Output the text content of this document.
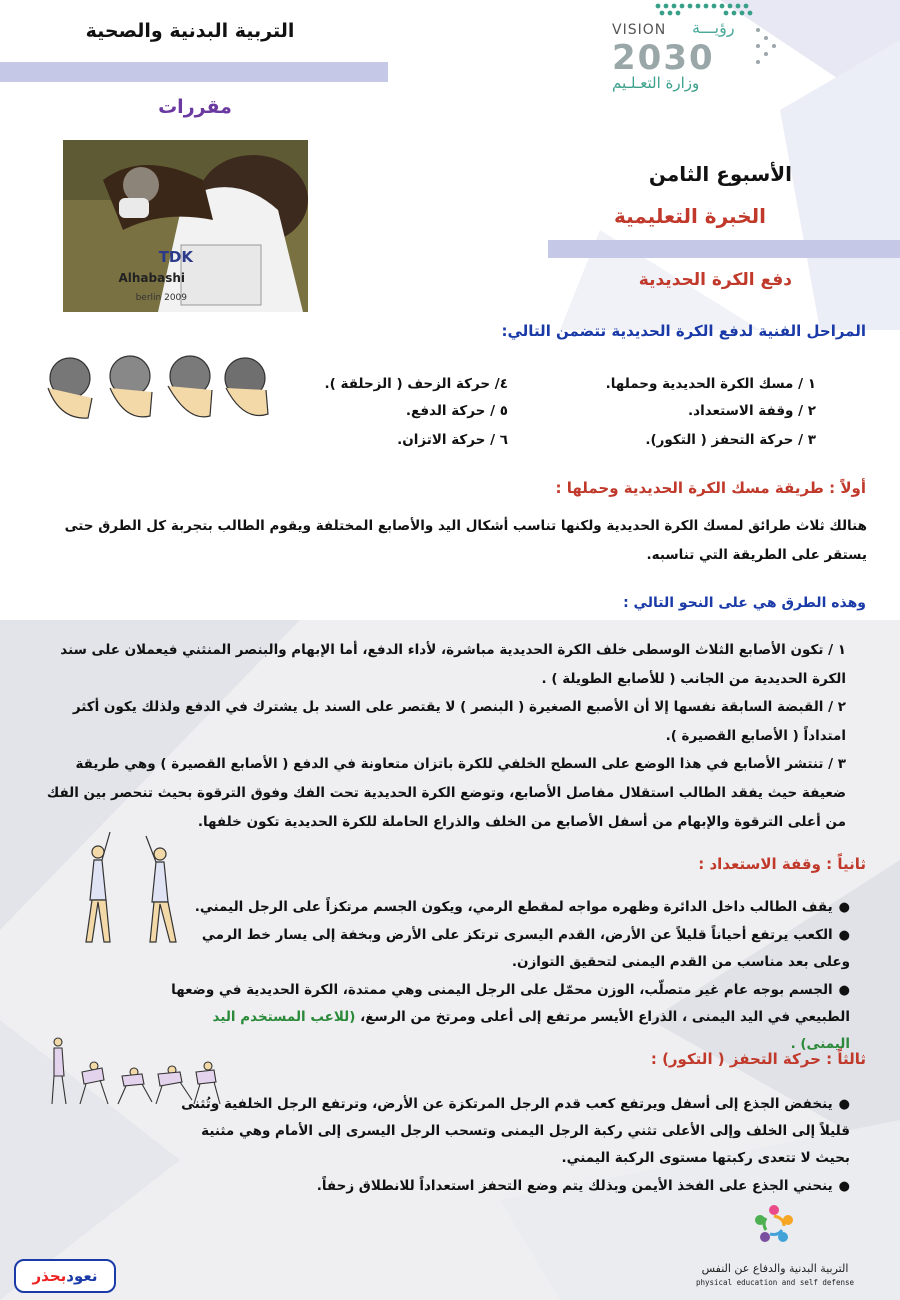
التربية البدنية والصحية
مقررات
VISION رؤيـــة
2030
وزارة التعـلـيم
TDK
Alhabashi
berlin 2009
الأسبوع الثامن
الخبرة التعليمية
دفع الكرة الحديدية
المراحل الفنية لدفع الكرة الحديدية تتضمن التالي:
١ / مسك الكرة الحديدية وحملها.
٢ / وقفة الاستعداد.
٣ / حركة التحفز ( التكور).
٤/ حركة الزحف ( الزحلقة ).
٥ / حركة الدفع.
٦ / حركة الاتزان.
أولاً : طريقة مسك الكرة الحديدية وحملها :
هنالك ثلاث طرائق لمسك الكرة الحديدية ولكنها تناسب أشكال اليد والأصابع المختلفة ويقوم الطالب بتجربة كل الطرق حتى يستقر على الطريقة التي تناسبه.
وهذه الطرق هي على النحو التالي :
١ / تكون الأصابع الثلاث الوسطى خلف الكرة الحديدية مباشرة، لأداء الدفع، أما الإبهام والبنصر المنثني فيعملان على سند الكرة الحديدية من الجانب ( للأصابع الطويلة ) .
٢ / القبضة السابقة نفسها إلا أن الأصبع الصغيرة ( البنصر ) لا يقتصر على السند بل يشترك في الدفع ولذلك يكون أكثر امتداداً ( الأصابع القصيرة ).
٣ / تنتشر الأصابع في هذا الوضع على السطح الخلفي للكرة باتزان متعاونة في الدفع ( الأصابع القصيرة ) وهي طريقة ضعيفة حيث يفقد الطالب استقلال مفاصل الأصابع، وتوضع الكرة الحديدية تحت الفك وفوق الترقوة بحيث تنحصر بين الفك من أعلى الترقوة والإبهام من أسفل الأصابع من الخلف والذراع الحاملة للكرة الحديدية تكون خلفها.
ثانياً : وقفة الاستعداد :
●يقف الطالب داخل الدائرة وظهره مواجه لمقطع الرمي، ويكون الجسم مرتكزاً على الرجل اليمني.
●الكعب يرتفع أحياناً قليلاً عن الأرض، القدم اليسرى ترتكز على الأرض وبخفة إلى يسار خط الرمي وعلى بعد مناسب من القدم اليمنى لتحقيق التوازن.
●الجسم بوجه عام غير متصلّب، الوزن محمّل على الرجل اليمنى وهي ممتدة، الكرة الحديدية في وضعها الطبيعي في اليد اليمنى ، الذراع الأيسر مرتفع إلى أعلى ومرتخ من الرسغ، (للاعب المستخدم اليد اليمنى) .
ثالثاً : حركة التحفز ( التكور) :
●ينخفض الجذع إلى أسفل ويرتفع كعب قدم الرجل المرتكزة عن الأرض، وترتفع الرجل الخلفية وتُثنى قليلاً إلى الخلف وإلى الأعلى تثني ركبة الرجل اليمنى وتسحب الرجل اليسرى إلى الأمام وهي مثنية بحيث لا تتعدى ركبتها مستوى الركبة اليمني.
●ينحني الجذع على الفخذ الأيمن وبذلك يتم وضع التحفز استعداداً للانطلاق زحفاً.
التربية البدنية والدفاع عن النفس
physical education and self defense
نعودبحذر
